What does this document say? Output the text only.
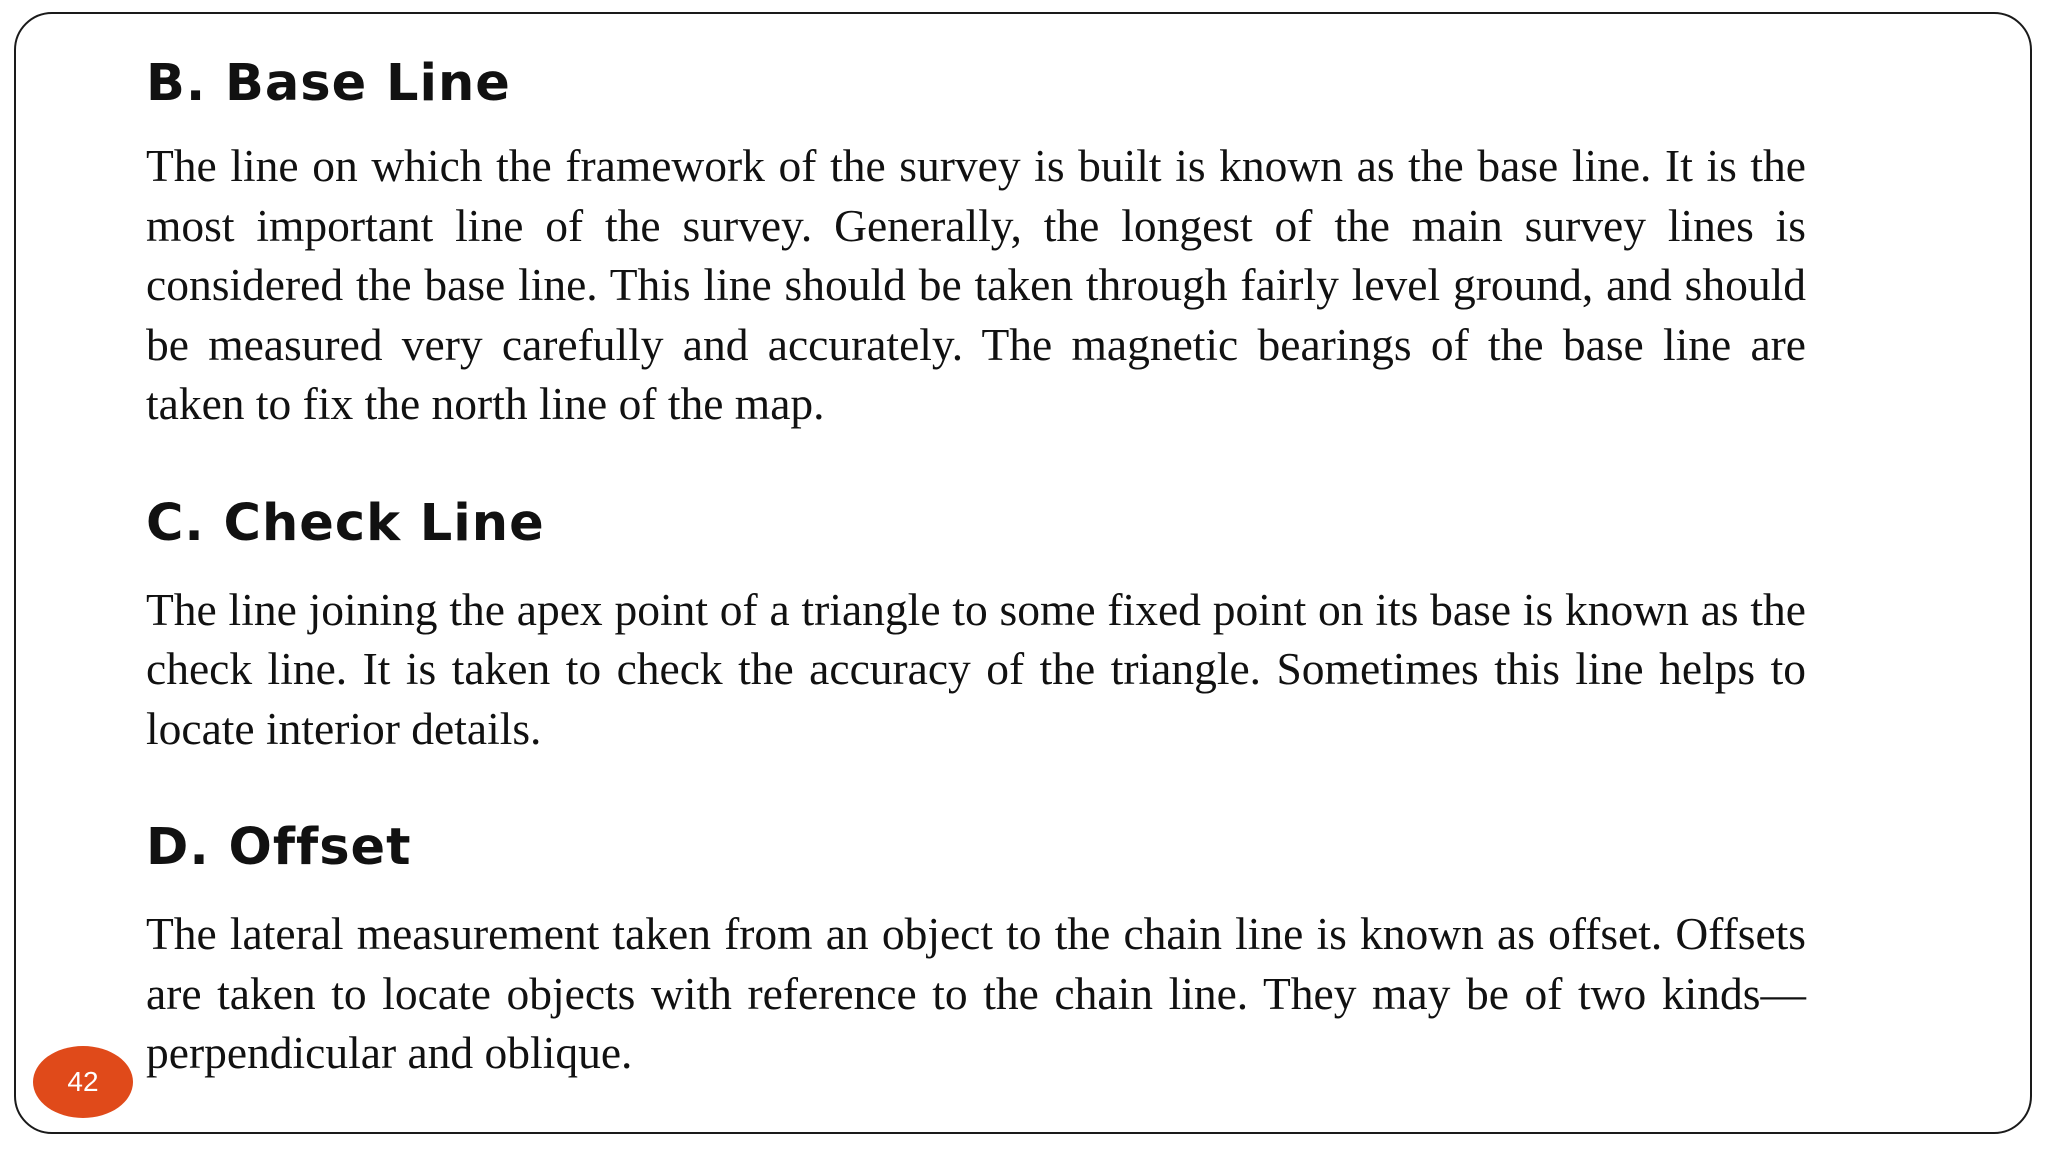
B. Base Line

The line on which the framework of the survey is built is known as the base line. It is the most important line of the survey. Generally, the longest of the main survey lines is considered the base line. This line should be taken through fairly level ground, and should be measured very carefully and accurately. The magnetic bearings of the base line are taken to fix the north line of the map.

C. Check Line

The line joining the apex point of a triangle to some fixed point on its base is known as the check line. It is taken to check the accuracy of the triangle. Sometimes this line helps to locate interior details.

D. Offset

The lateral measurement taken from an object to the chain line is known as offset. Offsets are taken to locate objects with reference to the chain line. They may be of two kinds—perpendicular and oblique.

42
